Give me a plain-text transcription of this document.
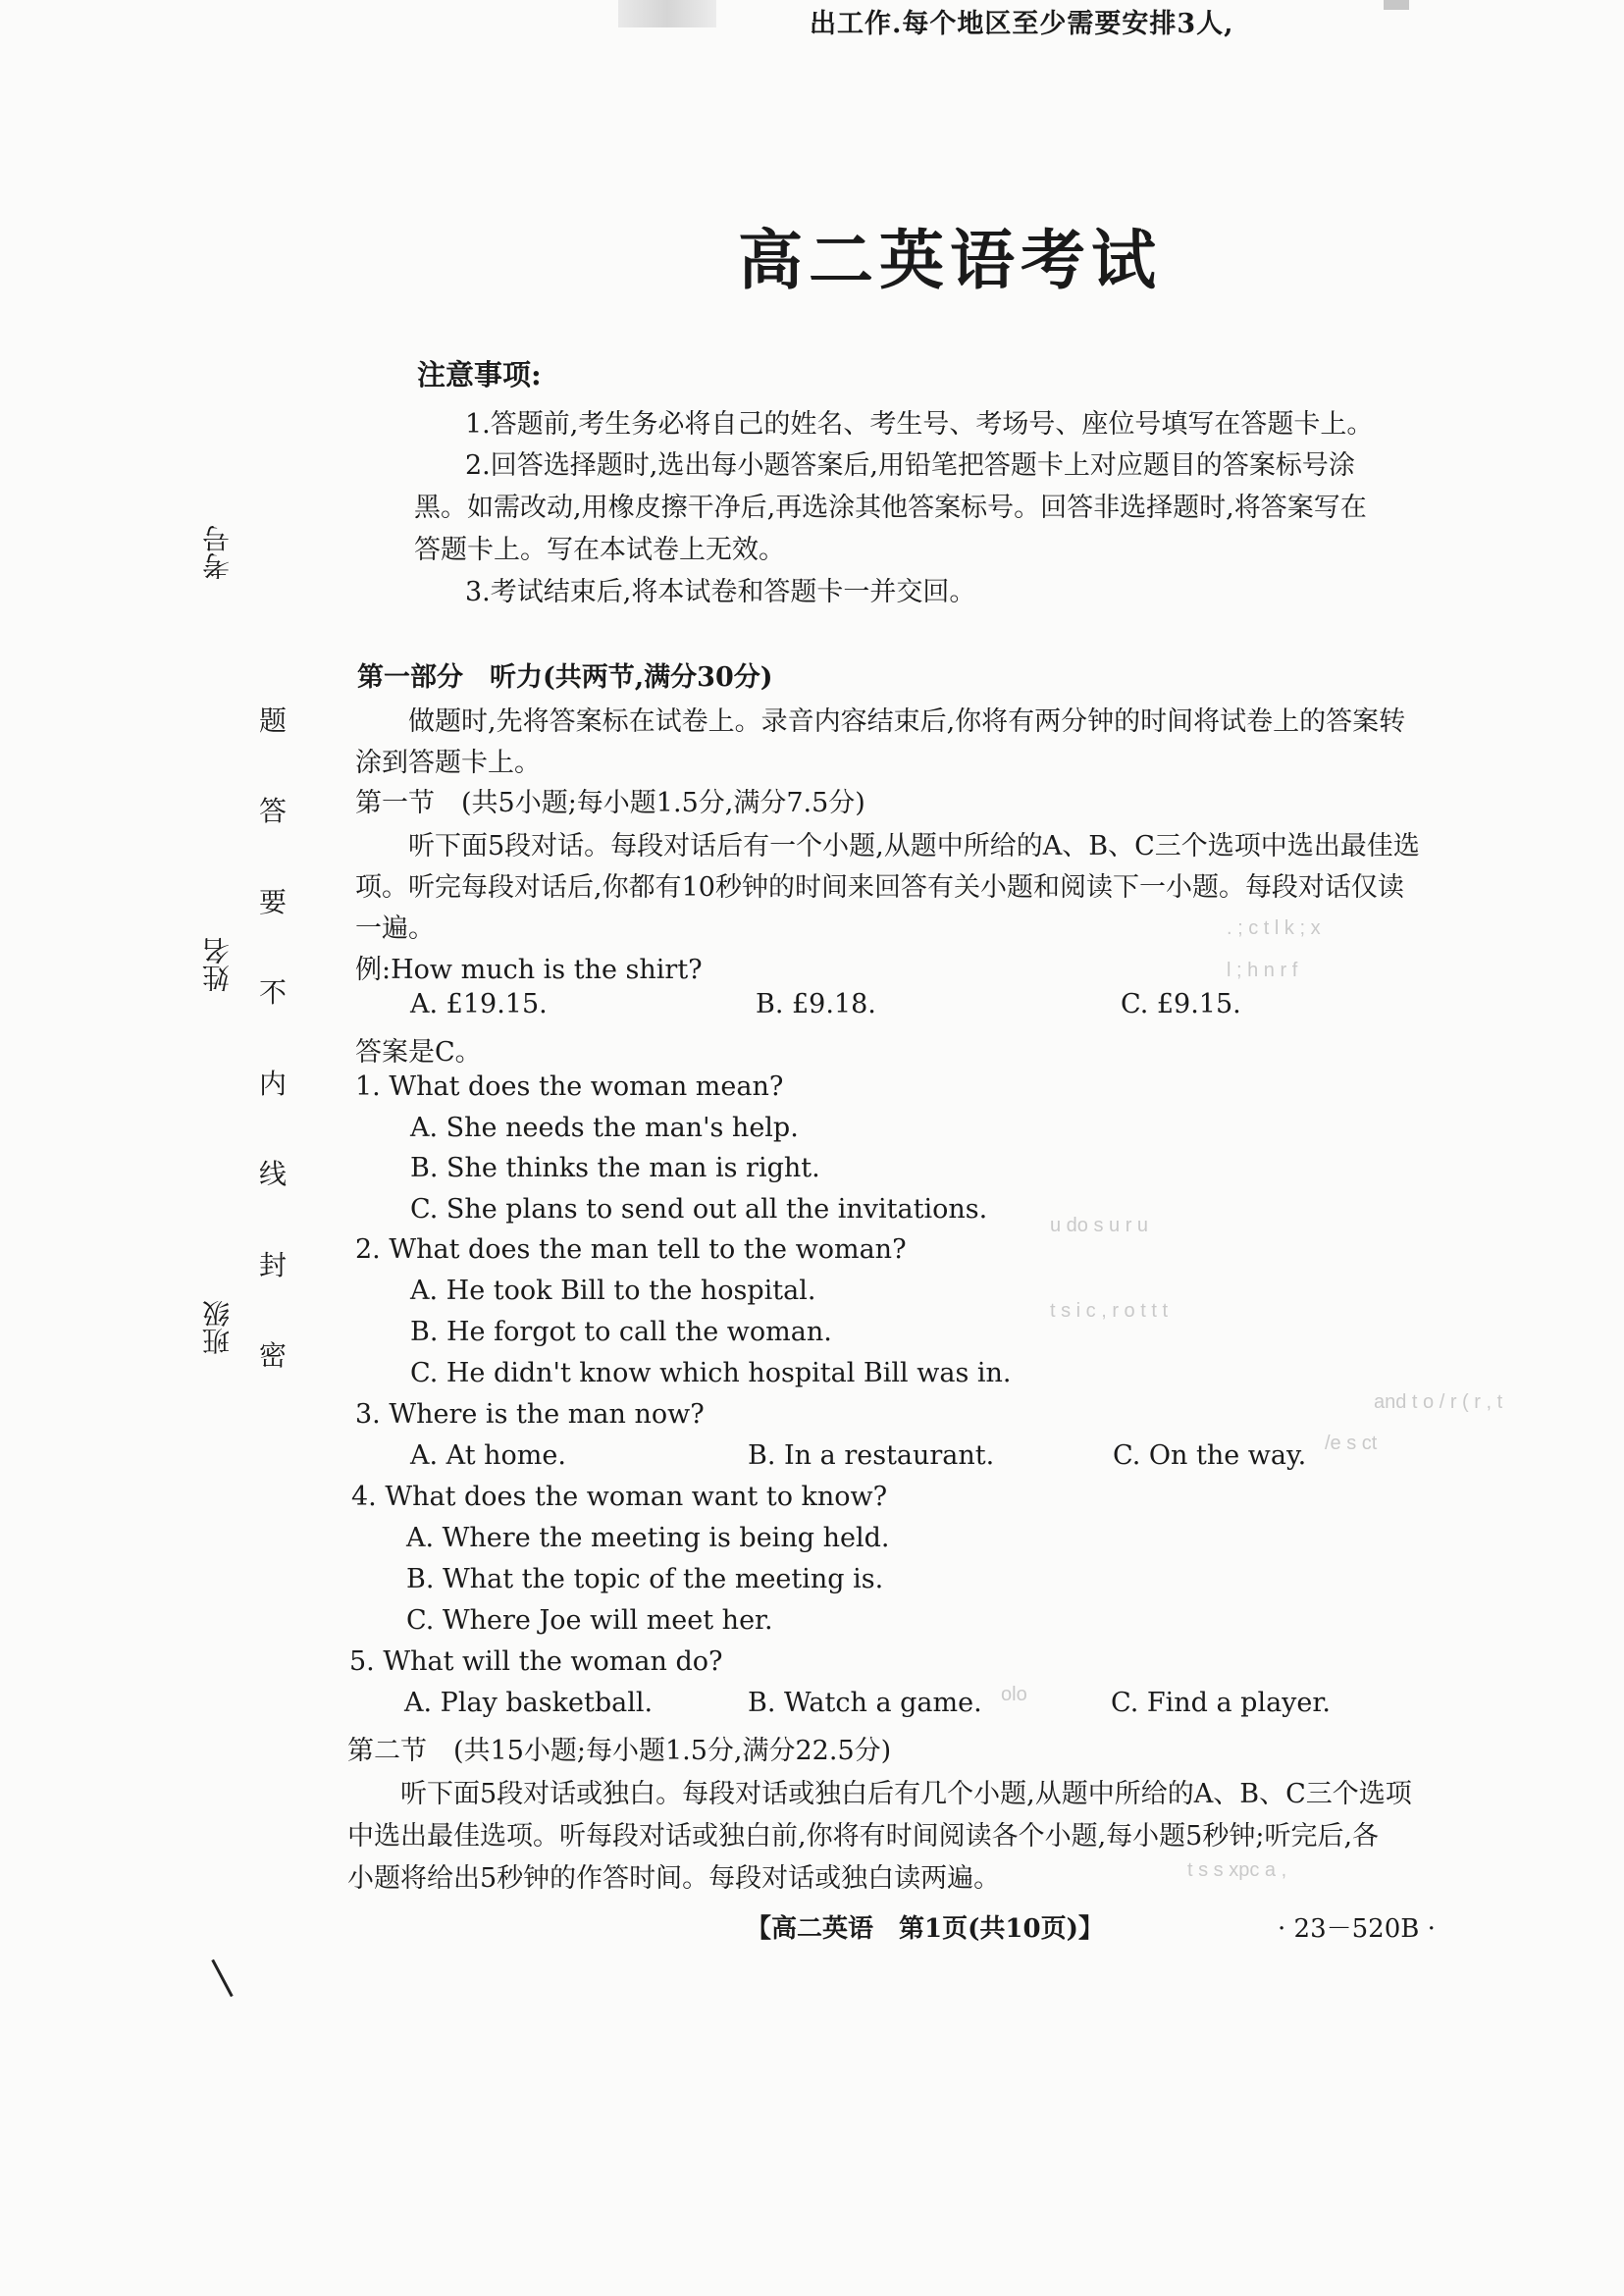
出工作.每个地区至少需要安排3人,
高二英语考试
注意事项:
1.答题前,考生务必将自己的姓名、考生号、考场号、座位号填写在答题卡上。
2.回答选择题时,选出每小题答案后,用铅笔把答题卡上对应题目的答案标号涂
黑。如需改动,用橡皮擦干净后,再选涂其他答案标号。回答非选择题时,将答案写在
答题卡上。写在本试卷上无效。
3.考试结束后,将本试卷和答题卡一并交回。
考号
姓名
班级
题
答
要
不
内
线
封
密
第一部分　听力(共两节,满分30分)
做题时,先将答案标在试卷上。录音内容结束后,你将有两分钟的时间将试卷上的答案转
涂到答题卡上。
第一节　(共5小题;每小题1.5分,满分7.5分)
听下面5段对话。每段对话后有一个小题,从题中所给的A、B、C三个选项中选出最佳选
项。听完每段对话后,你都有10秒钟的时间来回答有关小题和阅读下一小题。每段对话仅读
一遍。
例:How much is the shirt?
A. £19.15.	B. £9.18.	C. £9.15.
答案是C。
1. What does the woman mean?
A. She needs the man's help.
B. She thinks the man is right.
C. She plans to send out all the invitations.
2. What does the man tell to the woman?
A. He took Bill to the hospital.
B. He forgot to call the woman.
C. He didn't know which hospital Bill was in.
3. Where is the man now?
A. At home.	B. In a restaurant.	C. On the way.
4. What does the woman want to know?
A. Where the meeting is being held.
B. What the topic of the meeting is.
C. Where Joe will meet her.
5. What will the woman do?
A. Play basketball.	B. Watch a game.	C. Find a player.
第二节　(共15小题;每小题1.5分,满分22.5分)
听下面5段对话或独白。每段对话或独白后有几个小题,从题中所给的A、B、C三个选项
中选出最佳选项。听每段对话或独白前,你将有时间阅读各个小题,每小题5秒钟;听完后,各
小题将给出5秒钟的作答时间。每段对话或独白读两遍。
. ; c t l k ; x
l ; h n r f
u do s u r u
t s i c , r o t t t
and t o / r ( r , t
/e s ct
olo
t s s xpc a ,
【高二英语　第1页(共10页)】	· 23－520B ·
